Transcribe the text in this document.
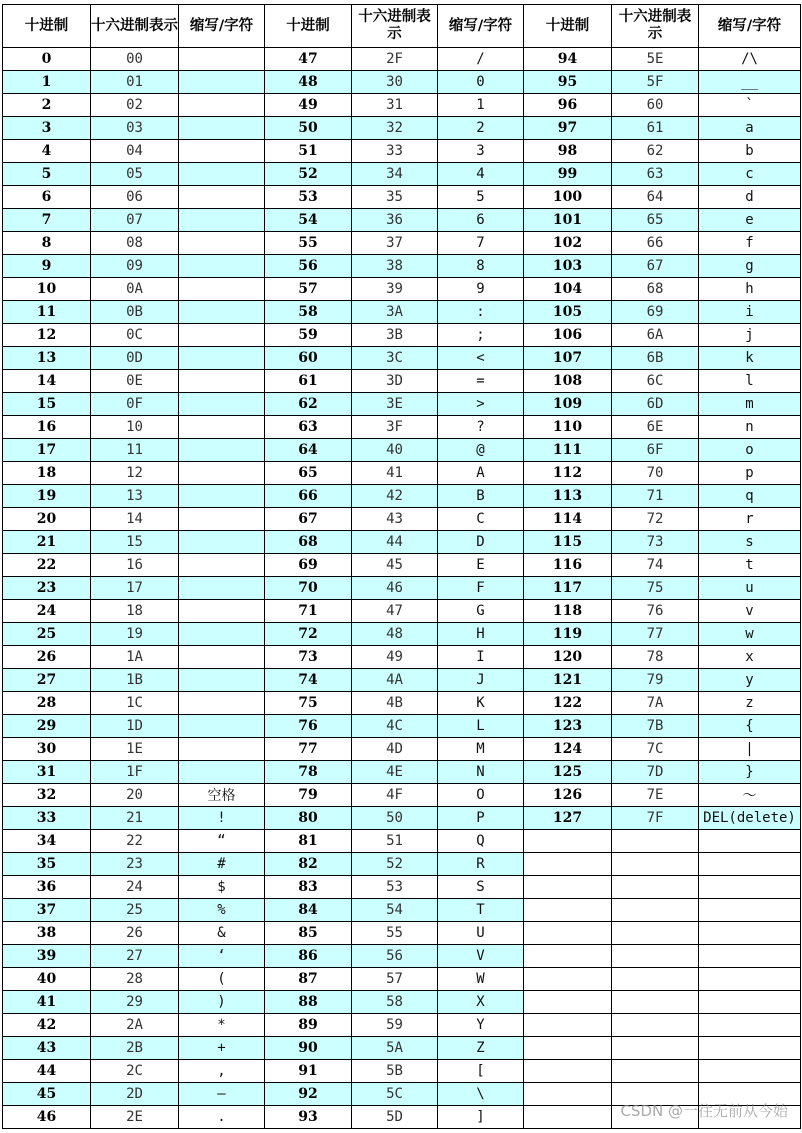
十进制	十六进制表示	缩写/字符	十进制	十六进制表示	缩写/字符	十进制	十六进制表示	缩写/字符
0	00		47	2F	/	94	5E	/\
1	01		48	30	0	95	5F	__
2	02		49	31	1	96	60	`
3	03		50	32	2	97	61	a
4	04		51	33	3	98	62	b
5	05		52	34	4	99	63	c
6	06		53	35	5	100	64	d
7	07		54	36	6	101	65	e
8	08		55	37	7	102	66	f
9	09		56	38	8	103	67	g
10	0A		57	39	9	104	68	h
11	0B		58	3A	:	105	69	i
12	0C		59	3B	;	106	6A	j
13	0D		60	3C	<	107	6B	k
14	0E		61	3D	=	108	6C	l
15	0F		62	3E	>	109	6D	m
16	10		63	3F	?	110	6E	n
17	11		64	40	@	111	6F	o
18	12		65	41	A	112	70	p
19	13		66	42	B	113	71	q
20	14		67	43	C	114	72	r
21	15		68	44	D	115	73	s
22	16		69	45	E	116	74	t
23	17		70	46	F	117	75	u
24	18		71	47	G	118	76	v
25	19		72	48	H	119	77	w
26	1A		73	49	I	120	78	x
27	1B		74	4A	J	121	79	y
28	1C		75	4B	K	122	7A	z
29	1D		76	4C	L	123	7B	{
30	1E		77	4D	M	124	7C	|
31	1F		78	4E	N	125	7D	}
32	20	空格	79	4F	O	126	7E	～
33	21	!	80	50	P	127	7F	DEL(delete)
34	22	“	81	51	Q			
35	23	#	82	52	R			
36	24	$	83	53	S			
37	25	%	84	54	T			
38	26	&	85	55	U			
39	27	‘	86	56	V			
40	28	(	87	57	W			
41	29	)	88	58	X			
42	2A	*	89	59	Y			
43	2B	+	90	5A	Z			
44	2C	,	91	5B	[			
45	2D	—	92	5C	\			
46	2E	.	93	5D	]				CSDN @一往无前从今始
